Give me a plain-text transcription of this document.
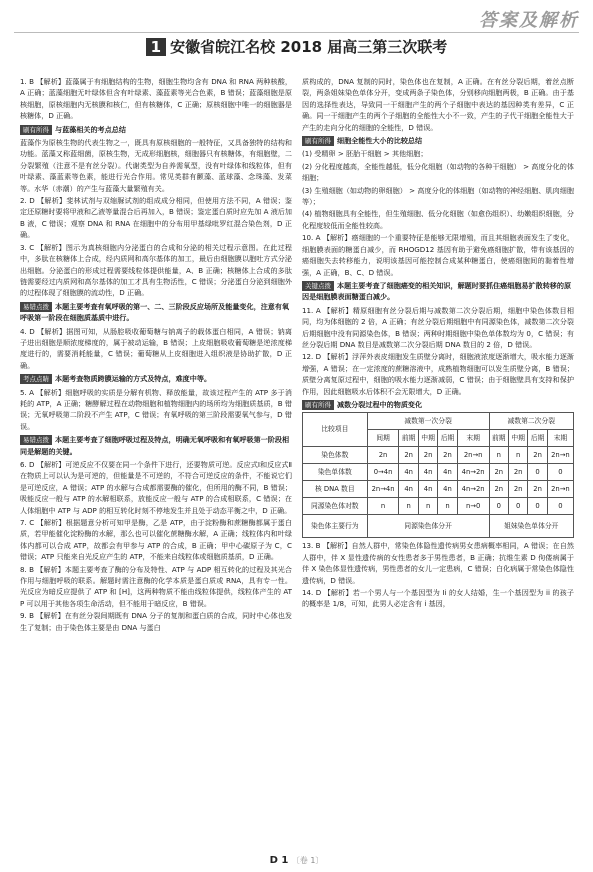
答案及解析
1 安徽省皖江名校 2018 届高三第三次联考

1. B 【解析】蓝藻属于有细胞结构的生物，细胞生物均含有 DNA 和 RNA 两种核酸，A 正确；蓝藻细胞无叶绿体但含有叶绿素、藻蓝素等光合色素，B 错误；蓝藻细胞是原核细胞，原核细胞内无核膜和核仁，但有核糖体，C 正确；原核细胞中唯一的细胞器是核糖体，D 正确。

刷有所得 与蓝藻相关的考点总结

蓝藻作为原核生物的代表生物之一，既具有原核细胞的一般特征，又具备独特的结构和功能。蓝藻又称蓝细菌，原核生物，无成形细胞核，细胞器只有核糖体，有细胞壁，二分裂繁殖（注意不是有丝分裂）。代谢类型为自养需氧型，没有叶绿体和线粒体，但有叶绿素、藻蓝素等色素，能进行光合作用。常见类群有颤藻、蓝球藻、念珠藻、发菜等。水华（赤潮）的产生与蓝藻大量繁殖有关。

2. D 【解析】斐林试剂与双缩脲试剂的组成成分相同，但使用方法不同，A 错误；鉴定还原糖时要将甲液和乙液等量混合后再加入，B 错误；鉴定蛋白质时应先加 A 液后加 B 液，C 错误；观察 DNA 和 RNA 在细胞中的分布用甲基绿吡罗红混合染色剂，D 正确。

3. C 【解析】图示为真核细胞内分泌蛋白的合成和分泌的相关过程示意图。在此过程中，多肽在核糖体上合成，经内质网和高尔基体的加工，最后由细胞膜以胞吐方式分泌出细胞。分泌蛋白的形成过程需要线粒体提供能量，A、B 正确；核糖体上合成的多肽链需要经过内质网和高尔基体的加工才具有生物活性，C 错误；分泌蛋白分泌到细胞外的过程体现了细胞膜的流动性，D 正确。

易错点拨 本题主要考查有氧呼吸的第一、二、三阶段反应场所及能量变化，注意有氧呼吸第一阶段在细胞质基质中进行。

4. D 【解析】据图可知，从肠腔吸收葡萄糖与钠离子的载体蛋白相同，A 错误；钠离子进出细胞是顺浓度梯度的，属于被动运输，B 错误；上皮细胞吸收葡萄糖是逆浓度梯度进行的，需要消耗能量，C 错误；葡萄糖从上皮细胞进入组织液是协助扩散，D 正确。

考点点睛 本题考查物质跨膜运输的方式及特点，难度中等。

5. A 【解析】细胞呼吸的实质是分解有机物、释放能量，故该过程产生的 ATP 多于消耗的 ATP，A 正确；糖酵解过程在动物细胞和植物细胞内的场所均为细胞质基质，B 错误；无氧呼吸第二阶段不产生 ATP，C 错误；有氧呼吸的第三阶段需要氧气参与，D 错误。

易错点拨 本题主要考查了细胞呼吸过程及特点，明确无氧呼吸和有氧呼吸第一阶段相同是解题的关键。

6. D 【解析】可逆反应不仅要在同一个条件下进行，还要物质可逆。反应式Ⅰ和反应式Ⅱ在物质上可以认为是可逆的，但能量是不可逆的，不符合可逆反应的条件，不能说它们是可逆反应，A 错误；ATP 的水解与合成都需要酶的催化，但所用的酶不同，B 错误；吸能反应一般与 ATP 的水解相联系，放能反应一般与 ATP 的合成相联系，C 错误；在人体细胞中 ATP 与 ADP 的相互转化时刻不停地发生并且处于动态平衡之中，D 正确。

7. C 【解析】根据题意分析可知甲是酶，乙是 ATP，由于淀粉酶和蔗糖酶都属于蛋白质，若甲能催化淀粉酶的水解，那么也可以催化蔗糖酶水解，A 正确；线粒体内和叶绿体内都可以合成 ATP，故都会有甲参与 ATP 的合成，B 正确；甲中心碳原子为 C，C 错误；ATP 只能来自光反应产生的 ATP，不能来自线粒体或细胞质基质，D 正确。

8. B 【解析】本题主要考查了酶的分布及特性、ATP 与 ADP 相互转化的过程及其光合作用与细胞呼吸的联系。解题时需注意酶的化学本质是蛋白质或 RNA，具有专一性。光反应为暗反应提供了 ATP 和 [H]，这两种物质不能由线粒体提供，线粒体产生的 ATP 可以用于其他各项生命活动，但不能用于暗反应，B 错误。

9. B 【解析】在有丝分裂间期既有 DNA 分子的复制和蛋白质的合成，同时中心体也发生了复制；由于染色体主要是由 DNA 与蛋白

质构成的，DNA 复制的同时，染色体也在复制，A 正确。在有丝分裂后期，着丝点断裂，两条姐妹染色单体分开，变成两条子染色体，分别移向细胞两极，B 正确。由于基因的选择性表达，导致同一干细胞产生的两个子细胞中表达的基因种类有差异，C 正确。同一干细胞产生的两个子细胞的全能性大小不一致，产生的子代干细胞全能性大于产生的走向分化的细胞的全能性，D 错误。

刷有所得 细胞全能性大小的比较总结

(1) 受精卵 > 胚胎干细胞 > 其他细胞；

(2) 分化程度越高，全能性越低，低分化细胞（如动物的各种干细胞） > 高度分化的体细胞；

(3) 生殖细胞（如动物的卵细胞） > 高度分化的体细胞（如动物的神经细胞、肌肉细胞等）；

(4) 植物细胞具有全能性，但生殖细胞、低分化细胞（如愈伤组织）、幼嫩组织细胞，分化程度较低而全能性较高。

10. A 【解析】癌细胞的一个重要特征是能够无限增殖，而且其细胞表面发生了变化，细胞膜表面的糖蛋白减少，而 RHOGD12 基因有助于避免癌细胞扩散，带有该基因的癌细胞失去转移能力，说明该基因可能控制合成某种糖蛋白，使癌细胞间的黏着性增强，A 正确，B、C、D 错误。

关键点拨 本题主要考查了细胞癌变的相关知识，解题时要抓住癌细胞易扩散转移的原因是细胞膜表面糖蛋白减少。

11. A 【解析】精原细胞有丝分裂后期与减数第二次分裂后期，细胞中染色体数目相同，均为体细胞的 2 倍，A 正确；有丝分裂后期细胞中有同源染色体，减数第二次分裂后期细胞中没有同源染色体，B 错误；两种时期细胞中染色单体数均为 0，C 错误；有丝分裂后期 DNA 数目是减数第二次分裂后期 DNA 数目的 2 倍，D 错误。

12. D 【解析】浮萍外表皮细胞发生质壁分离时，细胞液浓度逐渐增大，吸水能力逐渐增强，A 错误；在一定浓度的蔗糖溶液中，成熟植物细胞可以发生质壁分离，B 错误；质壁分离复原过程中，细胞的吸水能力逐渐减弱，C 错误；由于细胞壁具有支持和保护作用，因此细胞吸水后体积不会无限增大，D 正确。

刷有所得 减数分裂过程中的物质变化
比较项目	减数第一次分裂					减数第二次分裂			
	间期	前期	中期	后期	末期	前期	中期	后期	末期
染色体数	2n	2n	2n	2n	2n→n	n	n	2n	2n→n
染色单体数	0→4n	4n	4n	4n	4n→2n	2n	2n	0	0
核 DNA 数目	2n→4n	4n	4n	4n	4n→2n	2n	2n	2n	2n→n
同源染色体对数	n	n	n	n	n→0	0	0	0	0
染色体主要行为	同源染色体分开					姐妹染色单体分开			

13. B 【解析】自然人群中，常染色体隐性遗传病男女患病概率相同，A 错误；在自然人群中，伴 X 显性遗传病的女性患者多于男性患者，B 正确；抗维生素 D 佝偻病属于伴 X 染色体显性遗传病，男性患者的女儿一定患病，C 错误；白化病属于常染色体隐性遗传病，D 错误。

14. D 【解析】若一个男人与一个基因型为 Ii 的女人结婚，生一个基因型为 ii 的孩子的概率是 1/8，可知，此男人必定含有 i 基因，

D 1 〔卷 1〕
